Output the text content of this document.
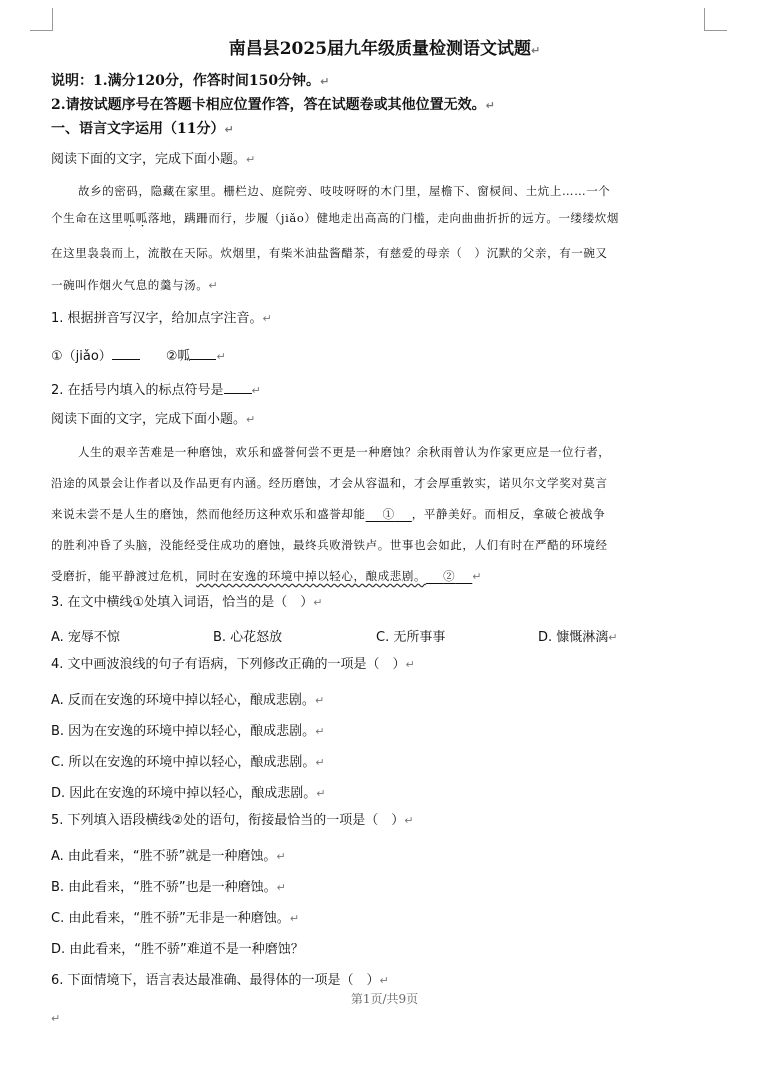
南昌县2025届九年级质量检测语文试题↵
说明：1.满分120分，作答时间150分钟。↵
2.请按试题序号在答题卡相应位置作答，答在试题卷或其他位置无效。↵
一、语言文字运用（11分）↵
阅读下面的文字，完成下面小题。↵
故乡的密码，隐藏在家里。栅栏边、庭院旁、吱吱呀呀的木门里，屋檐下、窗棂间、土炕上……一个
个生命在这里呱呱落地，蹒跚而行，步履（jiǎo）健地走出高高的门槛，走向曲曲折折的远方。一缕缕炊烟
在这里袅袅而上，流散在天际。炊烟里，有柴米油盐酱醋茶，有慈爱的母亲（　）沉默的父亲，有一碗又
一碗叫作烟火气息的羹与汤。↵
1. 根据拼音写汉字，给加点字注音。↵
①（jiǎo）	②呱 ↵
2. 在括号内填入的标点符号是	↵
阅读下面的文字，完成下面小题。↵
人生的艰辛苦难是一种磨蚀，欢乐和盛誉何尝不更是一种磨蚀？余秋雨曾认为作家更应是一位行者，
沿途的风景会让作者以及作品更有内涵。经历磨蚀，才会从容温和，才会厚重敦实，诺贝尔文学奖对莫言
来说未尝不是人生的磨蚀，然而他经历这种欢乐和盛誉却能 ① ，平静美好。而相反，拿破仑被战争
的胜利冲昏了头脑，没能经受住成功的磨蚀，最终兵败滑铁卢。世事也会如此，人们有时在严酷的环境经
受磨折，能平静渡过危机，同时在安逸的环境中掉以轻心，酿成悲剧。 ② ↵
3. 在文中横线①处填入词语，恰当的是（　）↵
A. 宠辱不惊	B. 心花怒放	C. 无所事事	D. 慷慨淋漓↵
4. 文中画波浪线的句子有语病，下列修改正确的一项是（　）↵
A. 反而在安逸的环境中掉以轻心，酿成悲剧。↵
B. 因为在安逸的环境中掉以轻心，酿成悲剧。↵
C. 所以在安逸的环境中掉以轻心，酿成悲剧。↵
D. 因此在安逸的环境中掉以轻心，酿成悲剧。↵
5. 下列填入语段横线②处的语句，衔接最恰当的一项是（　）↵
A. 由此看来，“胜不骄”就是一种磨蚀。↵
B. 由此看来，“胜不骄”也是一种磨蚀。↵
C. 由此看来，“胜不骄”无非是一种磨蚀。↵
D. 由此看来，“胜不骄”难道不是一种磨蚀？
6. 下面情境下，语言表达最准确、最得体的一项是（　）↵
第1页/共9页
↵
